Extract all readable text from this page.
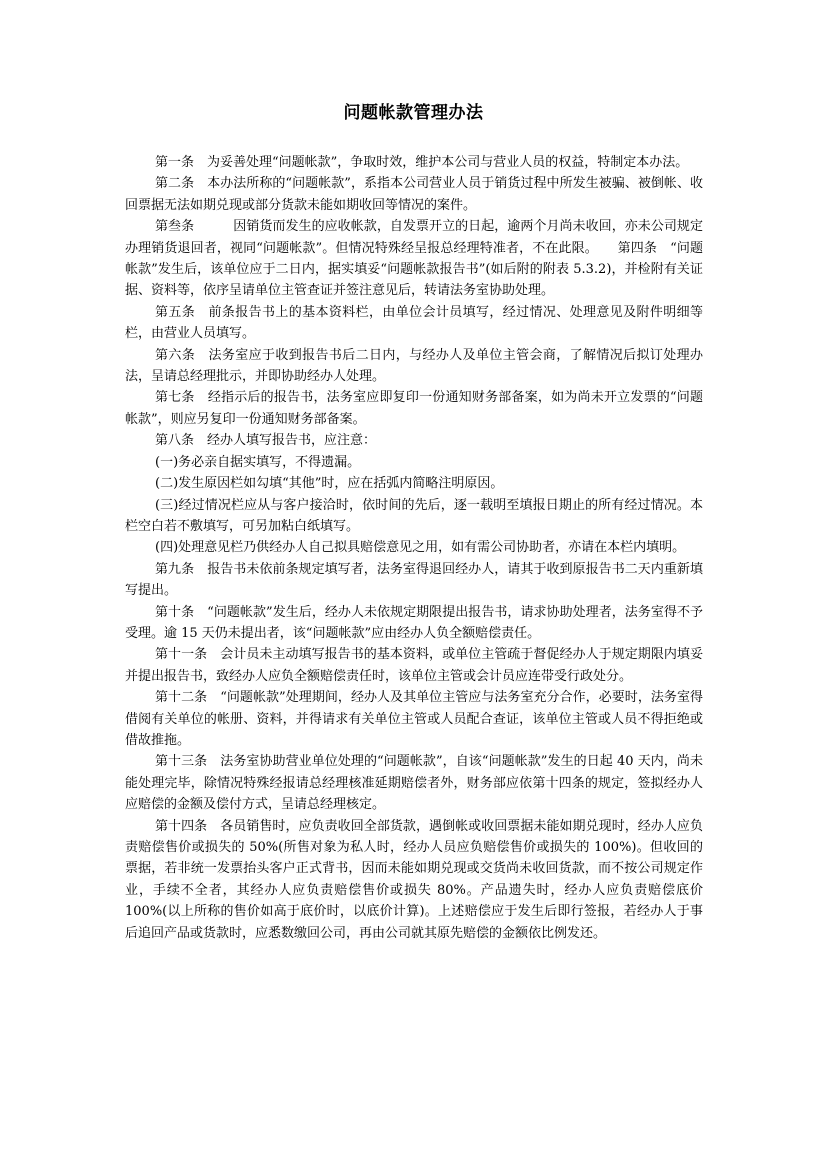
问题帐款管理办法

第一条　为妥善处理“问题帐款”，争取时效，维护本公司与营业人员的权益，特制定本办法。

第二条　本办法所称的“问题帐款”，系指本公司营业人员于销货过程中所发生被骗、被倒帐、收回票据无法如期兑现或部分货款未能如期收回等情况的案件。

第叁条　　　因销货而发生的应收帐款，自发票开立的日起，逾两个月尚未收回，亦未公司规定办理销货退回者，视同“问题帐款”。但情况特殊经呈报总经理特准者，不在此限。　　第四条　“问题帐款”发生后，该单位应于二日内，据实填妥“问题帐款报告书”(如后附的附表 5.3.2)，并检附有关证据、资料等，依序呈请单位主管查证并签注意见后，转请法务室协助处理。

第五条　前条报告书上的基本资料栏，由单位会计员填写，经过情况、处理意见及附件明细等栏，由营业人员填写。

第六条　法务室应于收到报告书后二日内，与经办人及单位主管会商，了解情况后拟订处理办法，呈请总经理批示，并即协助经办人处理。

第七条　经指示后的报告书，法务室应即复印一份通知财务部备案，如为尚未开立发票的“问题帐款”，则应另复印一份通知财务部备案。

第八条　经办人填写报告书，应注意：

(一)务必亲自据实填写，不得遗漏。

(二)发生原因栏如勾填“其他”时，应在括弧内简略注明原因。

(三)经过情况栏应从与客户接洽时，依时间的先后，逐一载明至填报日期止的所有经过情况。本栏空白若不敷填写，可另加粘白纸填写。

(四)处理意见栏乃供经办人自己拟具赔偿意见之用，如有需公司协助者，亦请在本栏内填明。

第九条　报告书未依前条规定填写者，法务室得退回经办人，请其于收到原报告书二天内重新填写提出。

第十条　“问题帐款”发生后，经办人未依规定期限提出报告书，请求协助处理者，法务室得不予受理。逾 15 天仍未提出者，该“问题帐款”应由经办人负全额赔偿责任。

第十一条　会计员未主动填写报告书的基本资料，或单位主管疏于督促经办人于规定期限内填妥并提出报告书，致经办人应负全额赔偿责任时，该单位主管或会计员应连带受行政处分。

第十二条　“问题帐款”处理期间，经办人及其单位主管应与法务室充分合作，必要时，法务室得借阅有关单位的帐册、资料，并得请求有关单位主管或人员配合查证，该单位主管或人员不得拒绝或借故推拖。

第十三条　法务室协助营业单位处理的“问题帐款”，自该“问题帐款”发生的日起 40 天内，尚未能处理完毕，除情况特殊经报请总经理核准延期赔偿者外，财务部应依第十四条的规定，签拟经办人应赔偿的金额及偿付方式，呈请总经理核定。

第十四条　各员销售时，应负责收回全部货款，遇倒帐或收回票据未能如期兑现时，经办人应负责赔偿售价或损失的 50%(所售对象为私人时，经办人员应负赔偿售价或损失的 100%)。但收回的票据，若非统一发票抬头客户正式背书，因而未能如期兑现或交货尚未收回货款，而不按公司规定作业，手续不全者，其经办人应负责赔偿售价或损失 80%。产品遗失时，经办人应负责赔偿底价 100%(以上所称的售价如高于底价时，以底价计算)。上述赔偿应于发生后即行签报，若经办人于事后追回产品或货款时，应悉数缴回公司，再由公司就其原先赔偿的金额依比例发还。
